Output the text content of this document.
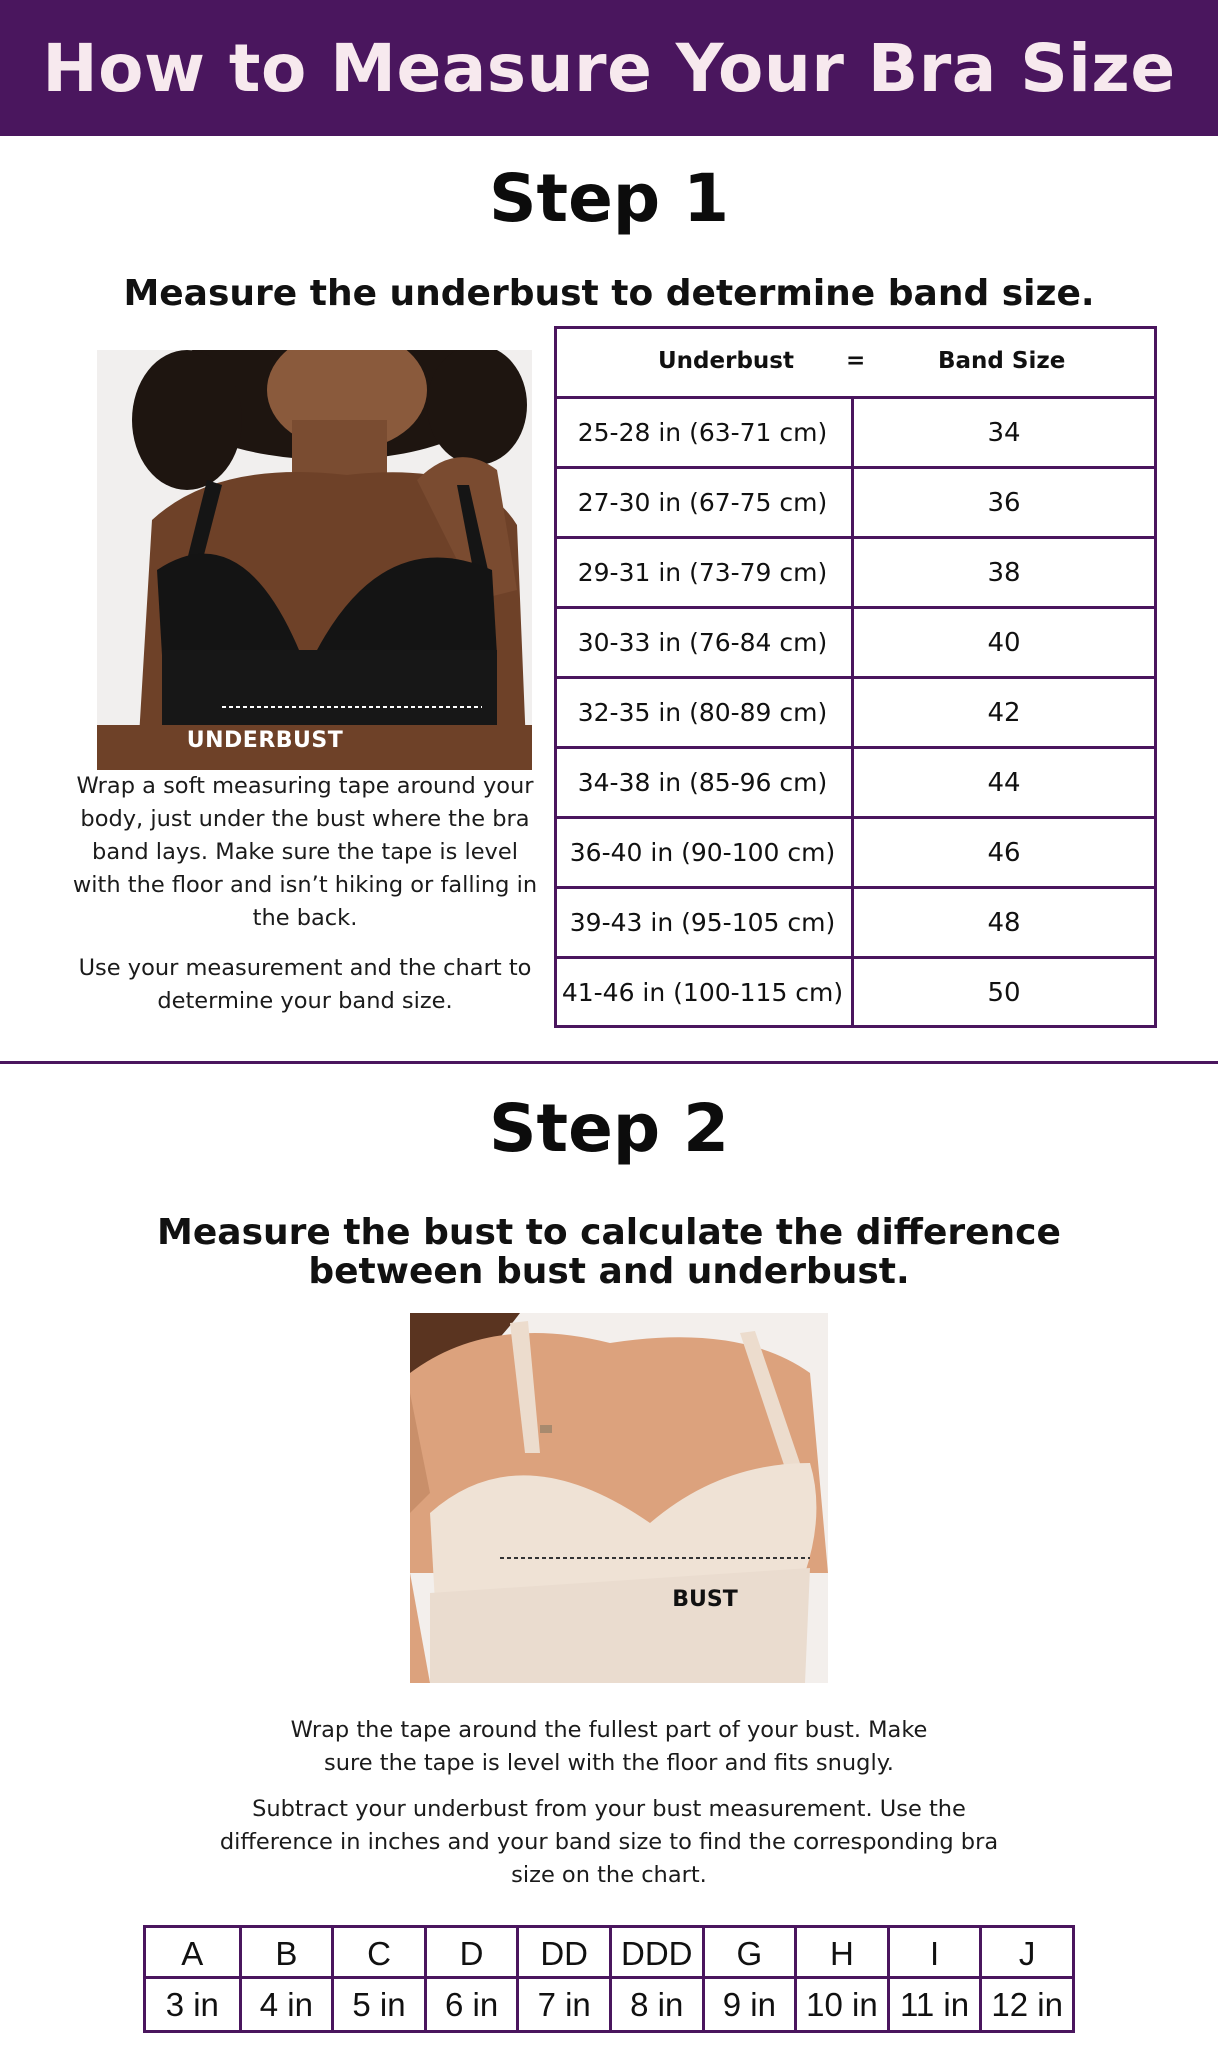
How to Measure Your Bra Size
Step 1
Measure the underbust to determine band size.
UNDERBUST
Wrap a soft measuring tape around your body, just under the bust where the bra band lays. Make sure the tape is level with the floor and isn’t hiking or falling in the back.
Use your measurement and the chart to determine your band size.
Underbust =	Band Size
25-28 in (63-71 cm)	34
27-30 in (67-75 cm)	36
29-31 in (73-79 cm)	38
30-33 in (76-84 cm)	40
32-35 in (80-89 cm)	42
34-38 in (85-96 cm)	44
36-40 in (90-100 cm)	46
39-43 in (95-105 cm)	48
41-46 in (100-115 cm)	50
Step 2
Measure the bust to calculate the difference
between bust and underbust.
BUST
Wrap the tape around the fullest part of your bust. Make sure the tape is level with the floor and fits snugly.
Subtract your underbust from your bust measurement. Use the difference in inches and your band size to find the corresponding bra size on the chart.
A	B	C	D	DD	DDD	G	H	I	J
3 in	4 in	5 in	6 in	7 in	8 in	9 in 10 in 11 in 12 in
